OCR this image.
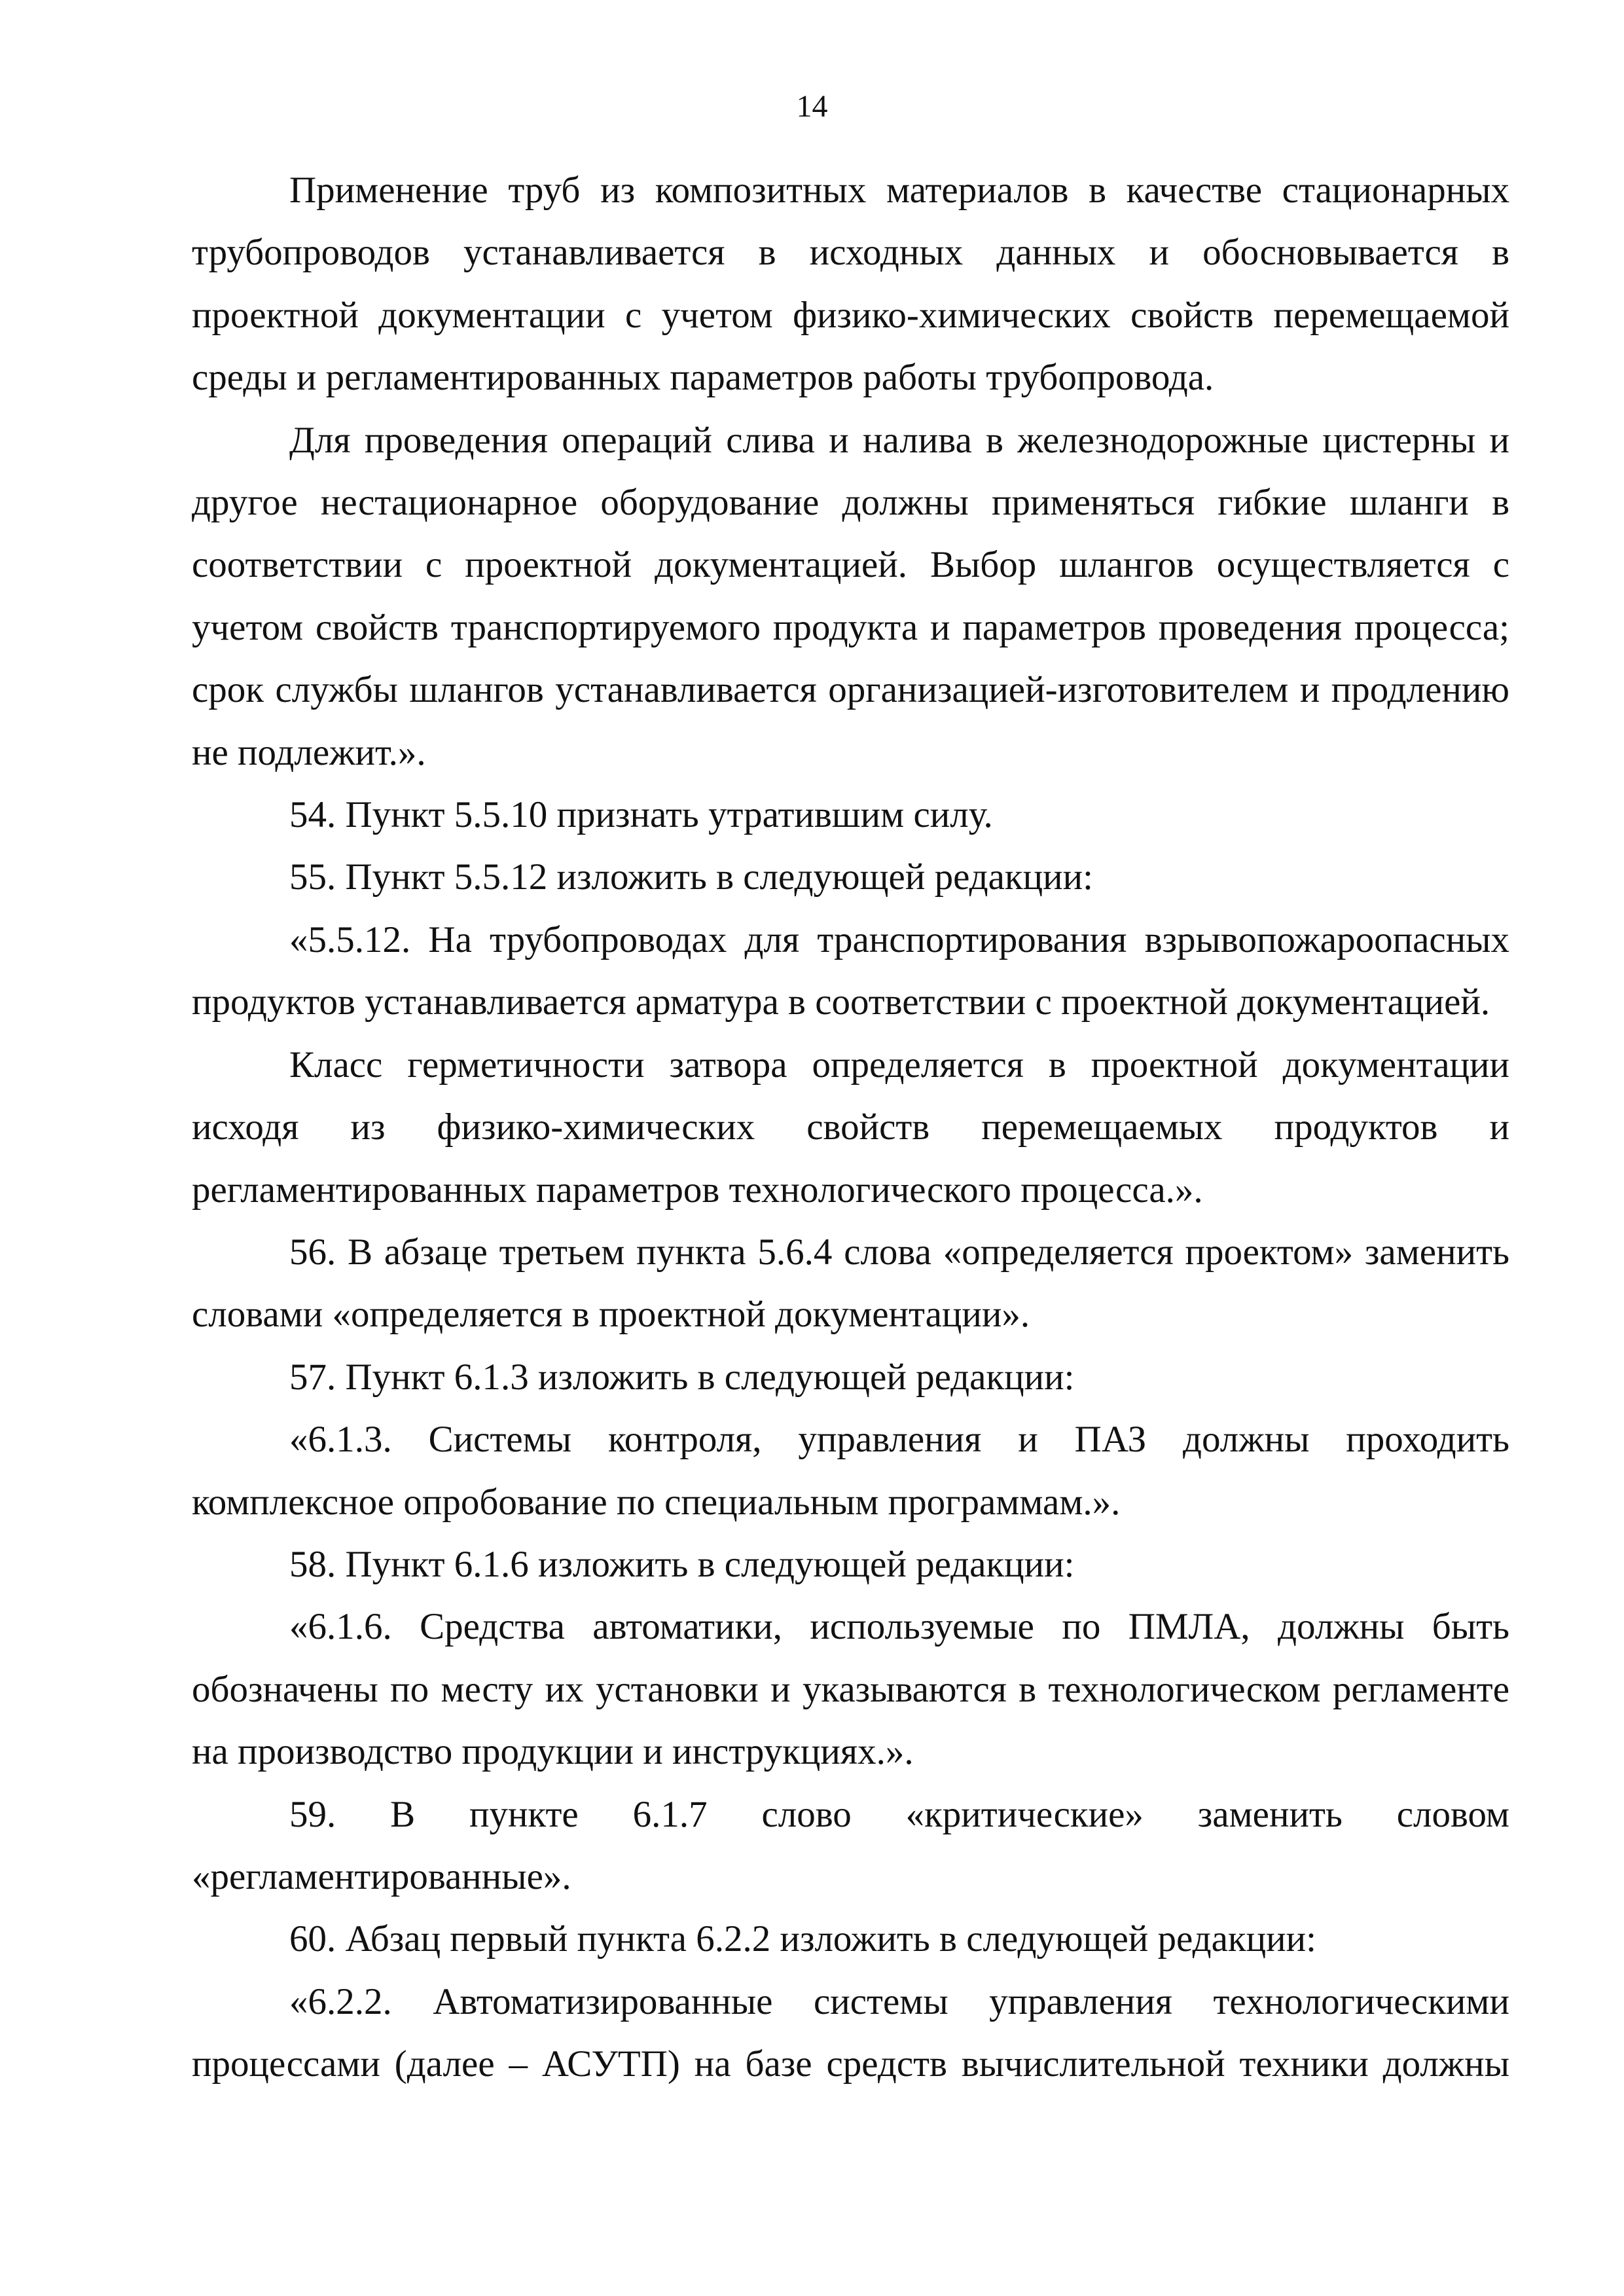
14

Применение труб из композитных материалов в качестве стационарных трубопроводов устанавливается в исходных данных и обосновывается в проектной документации с учетом физико-химических свойств перемещаемой среды и регламентированных параметров работы трубопровода.

Для проведения операций слива и налива в железнодорожные цистерны и другое нестационарное оборудование должны применяться гибкие шланги в соответствии с проектной документацией. Выбор шлангов осуществляется с учетом свойств транспортируемого продукта и параметров проведения процесса; срок службы шлангов устанавливается организацией-изготовителем и продлению не подлежит.».

54. Пункт 5.5.10 признать утратившим силу.

55. Пункт 5.5.12 изложить в следующей редакции:

«5.5.12. На трубопроводах для транспортирования взрывопожароопасных продуктов устанавливается арматура в соответствии с проектной документацией.

Класс герметичности затвора определяется в проектной документации исходя из физико-химических свойств перемещаемых продуктов и регламентированных параметров технологического процесса.».

56. В абзаце третьем пункта 5.6.4 слова «определяется проектом» заменить словами «определяется в проектной документации».

57. Пункт 6.1.3 изложить в следующей редакции:

«6.1.3. Системы контроля, управления и ПАЗ должны проходить комплексное опробование по специальным программам.».

58. Пункт 6.1.6 изложить в следующей редакции:

«6.1.6. Средства автоматики, используемые по ПМЛА, должны быть обозначены по месту их установки и указываются в технологическом регламенте на производство продукции и инструкциях.».

59. В пункте 6.1.7 слово «критические» заменить словом «регламентированные».

60. Абзац первый пункта 6.2.2 изложить в следующей редакции:

«6.2.2. Автоматизированные системы управления технологическими процессами (далее – АСУТП) на базе средств вычислительной техники должны
